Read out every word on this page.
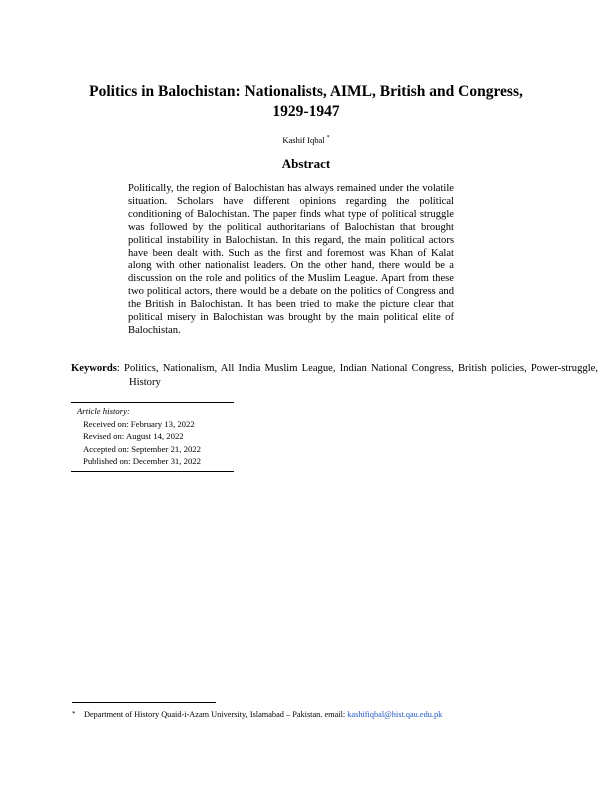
Politics in Balochistan: Nationalists, AIML, British and Congress, 1929-1947
Kashif Iqbal *
Abstract
Politically, the region of Balochistan has always remained under the volatile situation. Scholars have different opinions regarding the political conditioning of Balochistan. The paper finds what type of political struggle was followed by the political authoritarians of Balochistan that brought political instability in Balochistan. In this regard, the main political actors have been dealt with. Such as the first and foremost was Khan of Kalat along with other nationalist leaders. On the other hand, there would be a discussion on the role and politics of the Muslim League. Apart from these two political actors, there would be a debate on the politics of Congress and the British in Balochistan. It has been tried to make the picture clear that political misery in Balochistan was brought by the main political elite of Balochistan.
Keywords: Politics, Nationalism, All India Muslim League, Indian National Congress, British policies, Power-struggle, History
Article history:
Received on: February 13, 2022
Revised on: August 14, 2022
Accepted on: September 21, 2022
Published on: December 31, 2022
* Department of History Quaid-i-Azam University, Islamabad – Pakistan. email: kashifiqbal@hist.qau.edu.pk
